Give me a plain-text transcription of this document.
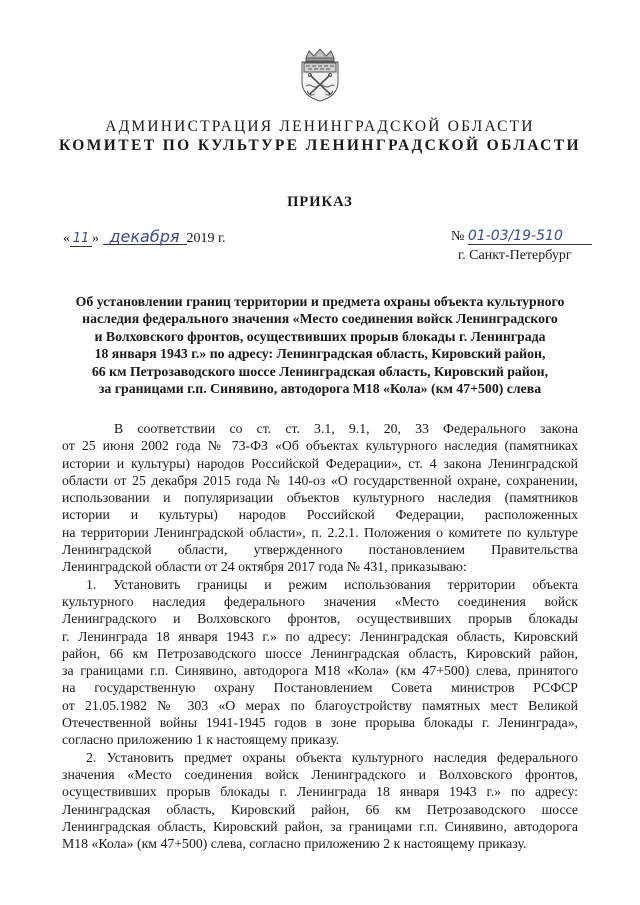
АДМИНИСТРАЦИЯ ЛЕНИНГРАДСКОЙ ОБЛАСТИ
КОМИТЕТ ПО КУЛЬТУРЕ ЛЕНИНГРАДСКОЙ ОБЛАСТИ
ПРИКАЗ
« 11 » декабря 2019 г.	№ 01-03/19-510
г. Санкт-Петербург
Об установлении границ территории и предмета охраны объекта культурного
наследия федерального значения «Место соединения войск Ленинградского
и Волховского фронтов, осуществивших прорыв блокады г. Ленинграда
18 января 1943 г.» по адресу: Ленинградская область, Кировский район,
66 км Петрозаводского шоссе Ленинградская область, Кировский район,
за границами г.п. Синявино, автодорога М18 «Кола» (км 47+500) слева
В соответствии со ст. ст. 3.1, 9.1, 20, 33 Федерального закона
от 25 июня 2002 года № 73-ФЗ «Об объектах культурного наследия (памятниках
истории и культуры) народов Российской Федерации», ст. 4 закона Ленинградской
области от 25 декабря 2015 года № 140-оз «О государственной охране, сохранении,
использовании и популяризации объектов культурного наследия (памятников
истории и культуры) народов Российской Федерации, расположенных
на территории Ленинградской области», п. 2.2.1. Положения о комитете по культуре
Ленинградской области, утвержденного постановлением Правительства
Ленинградской области от 24 октября 2017 года № 431, приказываю:
1. Установить границы и режим использования территории объекта
культурного наследия федерального значения «Место соединения войск
Ленинградского и Волховского фронтов, осуществивших прорыв блокады
г. Ленинграда 18 января 1943 г.» по адресу: Ленинградская область, Кировский
район, 66 км Петрозаводского шоссе Ленинградская область, Кировский район,
за границами г.п. Синявино, автодорога М18 «Кола» (км 47+500) слева, принятого
на государственную охрану Постановлением Совета министров РСФСР
от 21.05.1982 № 303 «О мерах по благоустройству памятных мест Великой
Отечественной войны 1941-1945 годов в зоне прорыва блокады г. Ленинграда»,
согласно приложению 1 к настоящему приказу.
2. Установить предмет охраны объекта культурного наследия федерального
значения «Место соединения войск Ленинградского и Волховского фронтов,
осуществивших прорыв блокады г. Ленинграда 18 января 1943 г.» по адресу:
Ленинградская область, Кировский район, 66 км Петрозаводского шоссе
Ленинградская область, Кировский район, за границами г.п. Синявино, автодорога
М18 «Кола» (км 47+500) слева, согласно приложению 2 к настоящему приказу.
